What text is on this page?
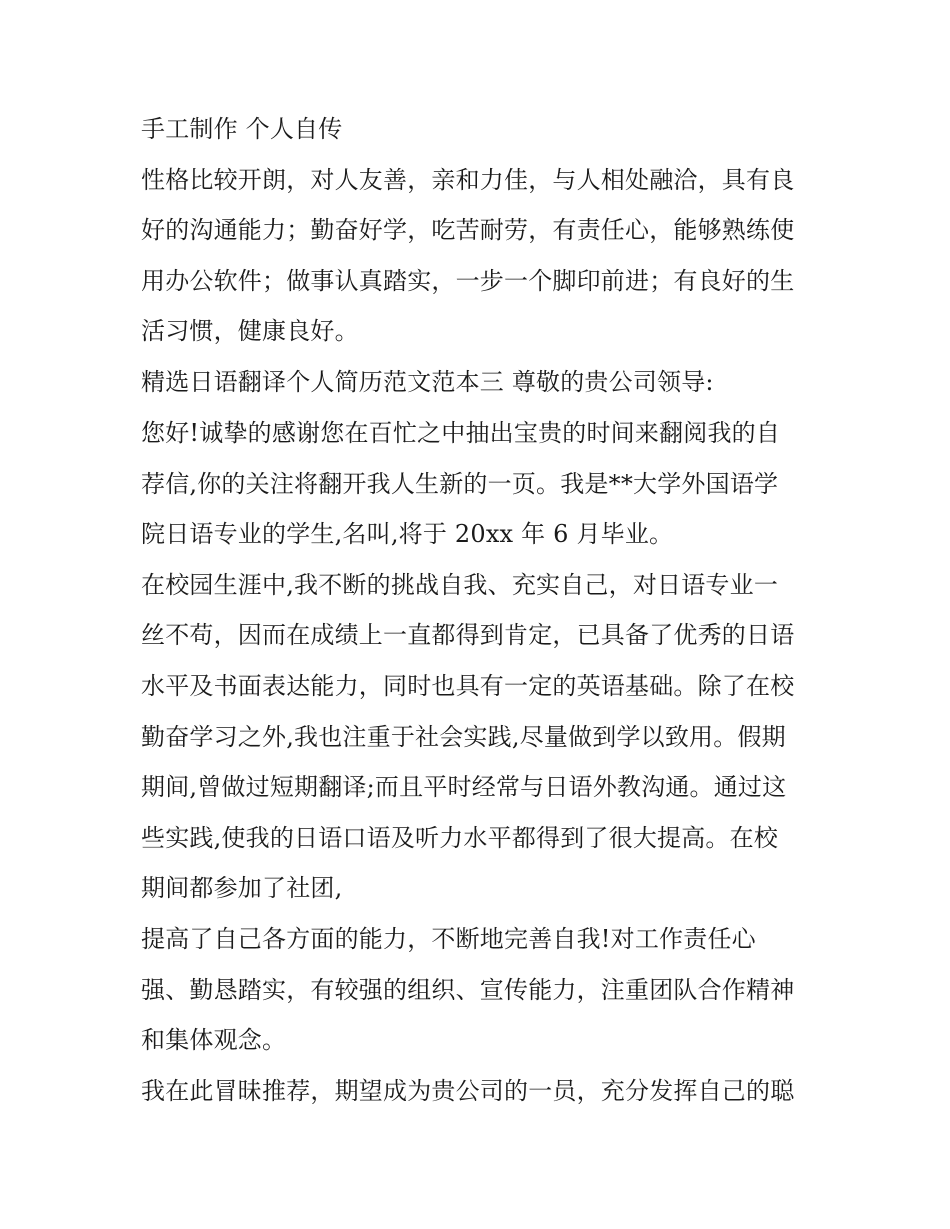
手工制作 个人自传
性格比较开朗，对人友善，亲和力佳，与人相处融洽，具有良
好的沟通能力；勤奋好学，吃苦耐劳，有责任心，能够熟练使
用办公软件；做事认真踏实，一步一个脚印前进；有良好的生
活习惯，健康良好。
精选日语翻译个人简历范文范本三 尊敬的贵公司领导:
您好!诚挚的感谢您在百忙之中抽出宝贵的时间来翻阅我的自
荐信,你的关注将翻开我人生新的一页。我是**大学外国语学
院日语专业的学生,名叫,将于 20xx 年 6 月毕业。
在校园生涯中,我不断的挑战自我、充实自己，对日语专业一
丝不苟，因而在成绩上一直都得到肯定，已具备了优秀的日语
水平及书面表达能力，同时也具有一定的英语基础。除了在校
勤奋学习之外,我也注重于社会实践,尽量做到学以致用。假期
期间,曾做过短期翻译;而且平时经常与日语外教沟通。通过这
些实践,使我的日语口语及听力水平都得到了很大提高。在校
期间都参加了社团,
提高了自己各方面的能力，不断地完善自我!对工作责任心
强、勤恳踏实，有较强的组织、宣传能力，注重团队合作精神
和集体观念。
我在此冒昧推荐，期望成为贵公司的一员，充分发挥自己的聪
